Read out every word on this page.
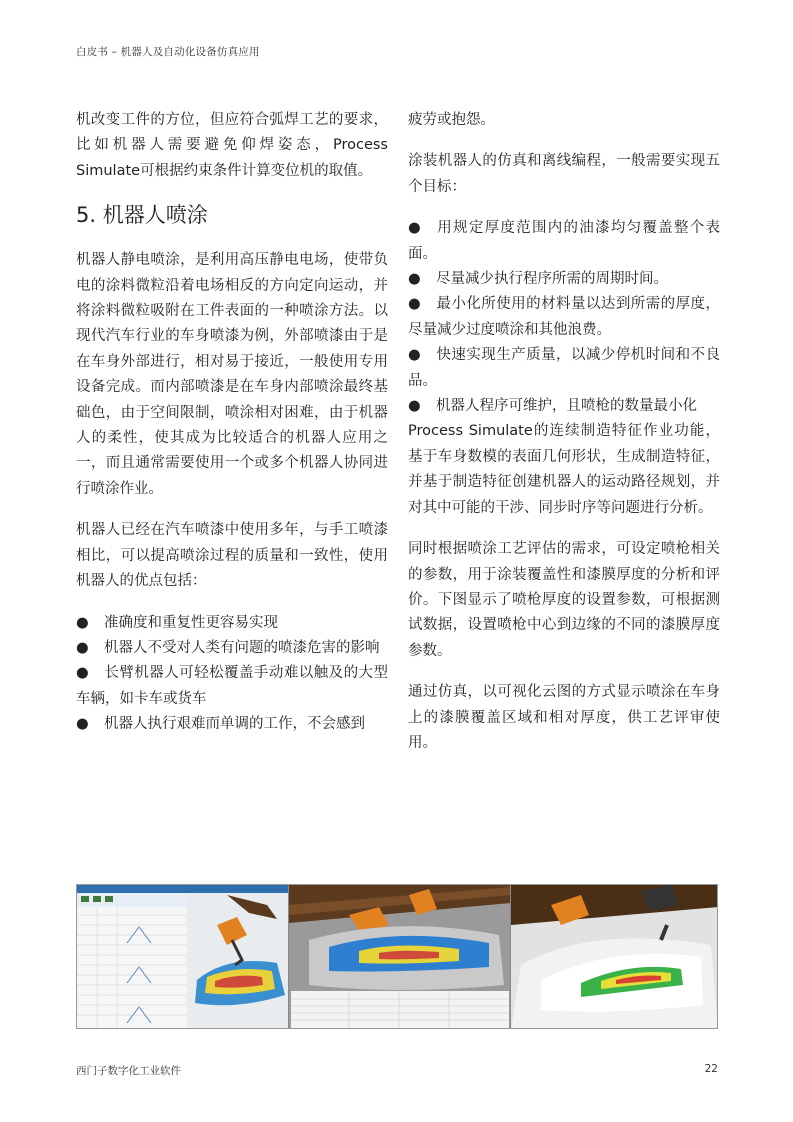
白皮书 – 机器人及自动化设备仿真应用

机改变工件的方位，但应符合弧焊工艺的要求，比如机器人需要避免仰焊姿态，Process Simulate可根据约束条件计算变位机的取值。

5. 机器人喷涂

机器人静电喷涂，是利用高压静电电场，使带负电的涂料微粒沿着电场相反的方向定向运动，并将涂料微粒吸附在工件表面的一种喷涂方法。以现代汽车行业的车身喷漆为例，外部喷漆由于是在车身外部进行，相对易于接近，一般使用专用设备完成。而内部喷漆是在车身内部喷涂最终基础色，由于空间限制，喷涂相对困难，由于机器人的柔性，使其成为比较适合的机器人应用之一，而且通常需要使用一个或多个机器人协同进行喷涂作业。

机器人已经在汽车喷漆中使用多年，与手工喷漆相比，可以提高喷涂过程的质量和一致性，使用机器人的优点包括：

● 准确度和重复性更容易实现
● 机器人不受对人类有问题的喷漆危害的影响
● 长臂机器人可轻松覆盖手动难以触及的大型车辆，如卡车或货车
● 机器人执行艰难而单调的工作，不会感到

疲劳或抱怨。

涂装机器人的仿真和离线编程，一般需要实现五个目标：

● 用规定厚度范围内的油漆均匀覆盖整个表面。
● 尽量减少执行程序所需的周期时间。
● 最小化所使用的材料量以达到所需的厚度，尽量减少过度喷涂和其他浪费。
● 快速实现生产质量，以减少停机时间和不良品。
● 机器人程序可维护，且喷枪的数量最小化

Process Simulate的连续制造特征作业功能，基于车身数模的表面几何形状，生成制造特征，并基于制造特征创建机器人的运动路径规划，并对其中可能的干涉、同步时序等问题进行分析。

同时根据喷涂工艺评估的需求，可设定喷枪相关的参数，用于涂装覆盖性和漆膜厚度的分析和评价。下图显示了喷枪厚度的设置参数，可根据测试数据，设置喷枪中心到边缘的不同的漆膜厚度参数。

通过仿真，以可视化云图的方式显示喷涂在车身上的漆膜覆盖区域和相对厚度，供工艺评审使用。

西门子数字化工业软件	22
